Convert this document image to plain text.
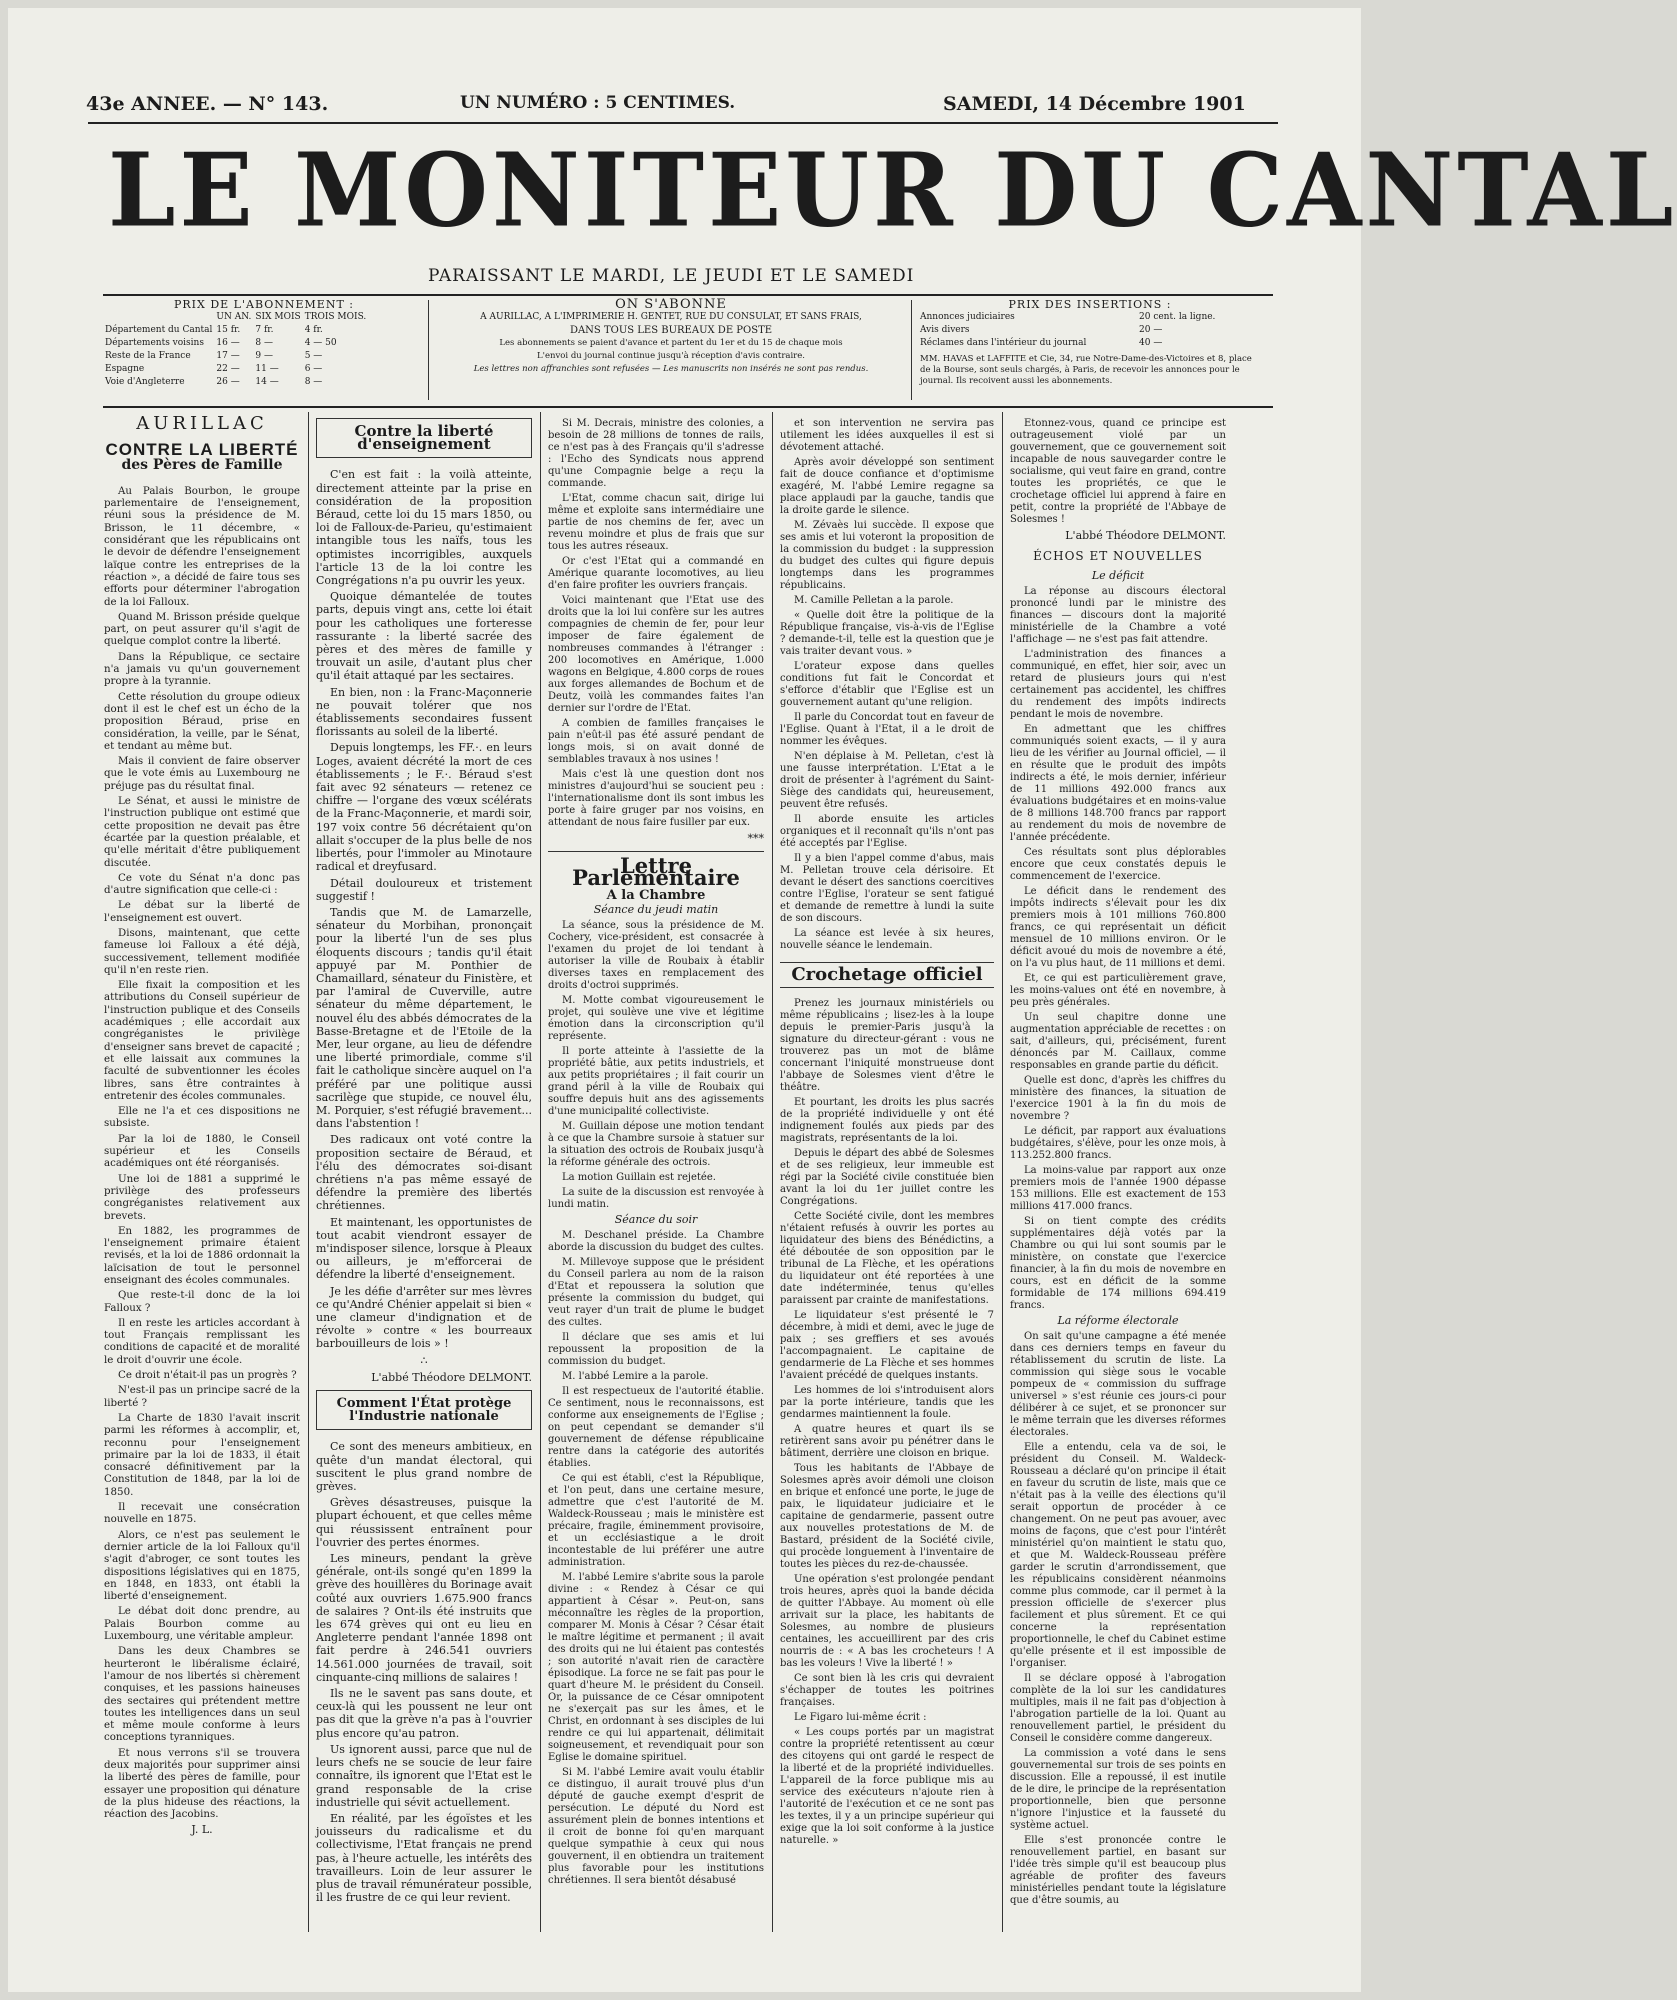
43e ANNEE. — N° 143.	UN NUMÉRO : 5 CENTIMES.	SAMEDI, 14 Décembre 1901
LE MONITEUR DU CANTAL
PARAISSANT LE MARDI, LE JEUDI ET LE SAMEDI
PRIX DE L'ABONNEMENT :
	UN AN.	SIX MOIS	TROIS MOIS.
Département du Cantal	15 fr.	7 fr.	4 fr.
Départements voisins	16 —	8 —	4 — 50
Reste de la France	17 —	9 —	5 —
Espagne	22 —	11 —	6 —
Voie d'Angleterre	26 —	14 —	8 —
ON S'ABONNE
A AURILLAC, A L'IMPRIMERIE H. GENTET, RUE DU CONSULAT, ET SANS FRAIS,
DANS TOUS LES BUREAUX DE POSTE
Les abonnements se paient d'avance et partent du 1er et du 15 de chaque mois
L'envoi du journal continue jusqu'à réception d'avis contraire.
Les lettres non affranchies sont refusées — Les manuscrits non insérés ne sont pas rendus.
PRIX DES INSERTIONS :
Annonces judiciaires	20 cent. la ligne.
Avis divers	20 —
Réclames dans l'intérieur du journal	40 —
MM. HAVAS et LAFFITE et Cie, 34, rue Notre-Dame-des-Victoires et 8, place de la Bourse, sont seuls chargés, à Paris, de recevoir les annonces pour le journal. Ils recoivent aussi les abonnements.
AURILLAC
CONTRE LA LIBERTÉ
des Pères de Famille

Au Palais Bourbon, le groupe parlementaire de l'enseignement, réuni sous la présidence de M. Brisson, le 11 décembre, « considérant que les républicains ont le devoir de défendre l'enseignement laïque contre les entreprises de la réaction », a décidé de faire tous ses efforts pour déterminer l'abrogation de la loi Falloux.

Quand M. Brisson préside quelque part, on peut assurer qu'il s'agit de quelque complot contre la liberté.

Dans la République, ce sectaire n'a jamais vu qu'un gouvernement propre à la tyrannie.

Cette résolution du groupe odieux dont il est le chef est un écho de la proposition Béraud, prise en considération, la veille, par le Sénat, et tendant au même but.

Mais il convient de faire observer que le vote émis au Luxembourg ne préjuge pas du résultat final.

Le Sénat, et aussi le ministre de l'instruction publique ont estimé que cette proposition ne devait pas être écartée par la question préalable, et qu'elle méritait d'être publiquement discutée.

Ce vote du Sénat n'a donc pas d'autre signification que celle-ci :

Le débat sur la liberté de l'enseignement est ouvert.

Disons, maintenant, que cette fameuse loi Falloux a été déjà, successivement, tellement modifiée qu'il n'en reste rien.

Elle fixait la composition et les attributions du Conseil supérieur de l'instruction publique et des Conseils académiques ; elle accordait aux congréganistes le privilège d'enseigner sans brevet de capacité ; et elle laissait aux communes la faculté de subventionner les écoles libres, sans être contraintes à entretenir des écoles communales.

Elle ne l'a et ces dispositions ne subsiste.

Par la loi de 1880, le Conseil supérieur et les Conseils académiques ont été réorganisés.

Une loi de 1881 a supprimé le privilège des professeurs congréganistes relativement aux brevets.

En 1882, les programmes de l'enseignement primaire étaient revisés, et la loi de 1886 ordonnait la laïcisation de tout le personnel enseignant des écoles communales.

Que reste-t-il donc de la loi Falloux ?

Il en reste les articles accordant à tout Français remplissant les conditions de capacité et de moralité le droit d'ouvrir une école.

Ce droit n'était-il pas un progrès ?

N'est-il pas un principe sacré de la liberté ?

La Charte de 1830 l'avait inscrit parmi les réformes à accomplir, et, reconnu pour l'enseignement primaire par la loi de 1833, il était consacré définitivement par la Constitution de 1848, par la loi de 1850.

Il recevait une consécration nouvelle en 1875.

Alors, ce n'est pas seulement le dernier article de la loi Falloux qu'il s'agit d'abroger, ce sont toutes les dispositions législatives qui en 1875, en 1848, en 1833, ont établi la liberté d'enseignement.

Le débat doit donc prendre, au Palais Bourbon comme au Luxembourg, une véritable ampleur.

Dans les deux Chambres se heurteront le libéralisme éclairé, l'amour de nos libertés si chèrement conquises, et les passions haineuses des sectaires qui prétendent mettre toutes les intelligences dans un seul et même moule conforme à leurs conceptions tyranniques.

Et nous verrons s'il se trouvera deux majorités pour supprimer ainsi la liberté des pères de famille, pour essayer une proposition qui dénature de la plus hideuse des réactions, la réaction des Jacobins.

J. L.
Contre la liberté d'enseignement

C'en est fait : la voilà atteinte, directement atteinte par la prise en considération de la proposition Béraud, cette loi du 15 mars 1850, ou loi de Falloux-de-Parieu, qu'estimaient intangible tous les naïfs, tous les optimistes incorrigibles, auxquels l'article 13 de la loi contre les Congrégations n'a pu ouvrir les yeux.

Quoique démantelée de toutes parts, depuis vingt ans, cette loi était pour les catholiques une forteresse rassurante : la liberté sacrée des pères et des mères de famille y trouvait un asile, d'autant plus cher qu'il était attaqué par les sectaires.

En bien, non : la Franc-Maçonnerie ne pouvait tolérer que nos établissements secondaires fussent florissants au soleil de la liberté.

Depuis longtemps, les FF.·. en leurs Loges, avaient décrété la mort de ces établissements ; le F.·. Béraud s'est fait avec 92 sénateurs — retenez ce chiffre — l'organe des vœux scélérats de la Franc-Maçonnerie, et mardi soir, 197 voix contre 56 décrétaient qu'on allait s'occuper de la plus belle de nos libertés, pour l'immoler au Minotaure radical et dreyfusard.

Détail douloureux et tristement suggestif !

Tandis que M. de Lamarzelle, sénateur du Morbihan, prononçait pour la liberté l'un de ses plus éloquents discours ; tandis qu'il était appuyé par M. Ponthier de Chamaillard, sénateur du Finistère, et par l'amiral de Cuverville, autre sénateur du même département, le nouvel élu des abbés démocrates de la Basse-Bretagne et de l'Etoile de la Mer, leur organe, au lieu de défendre une liberté primordiale, comme s'il fait le catholique sincère auquel on l'a préféré par une politique aussi sacrilège que stupide, ce nouvel élu, M. Porquier, s'est réfugié bravement... dans l'abstention !

Des radicaux ont voté contre la proposition sectaire de Béraud, et l'élu des démocrates soi-disant chrétiens n'a pas même essayé de défendre la première des libertés chrétiennes.

Et maintenant, les opportunistes de tout acabit viendront essayer de m'indisposer silence, lorsque à Pleaux ou ailleurs, je m'efforcerai de défendre la liberté d'enseignement.

Je les défie d'arrêter sur mes lèvres ce qu'André Chénier appelait si bien « une clameur d'indignation et de révolte » contre « les bourreaux barbouilleurs de lois » !

∴
L'abbé Théodore DELMONT.
Comment l'État protège l'Industrie nationale

Ce sont des meneurs ambitieux, en quête d'un mandat électoral, qui suscitent le plus grand nombre de grèves.

Grèves désastreuses, puisque la plupart échouent, et que celles même qui réussissent entraînent pour l'ouvrier des pertes énormes.

Les mineurs, pendant la grève générale, ont-ils songé qu'en 1899 la grève des houillères du Borinage avait coûté aux ouvriers 1.675.900 francs de salaires ? Ont-ils été instruits que les 674 grèves qui ont eu lieu en Angleterre pendant l'année 1898 ont fait perdre à 246.541 ouvriers 14.561.000 journées de travail, soit cinquante-cinq millions de salaires !

Ils ne le savent pas sans doute, et ceux-là qui les poussent ne leur ont pas dit que la grève n'a pas à l'ouvrier plus encore qu'au patron.

Us ignorent aussi, parce que nul de leurs chefs ne se soucie de leur faire connaître, ils ignorent que l'Etat est le grand responsable de la crise industrielle qui sévit actuellement.

En réalité, par les égoïstes et les jouisseurs du radicalisme et du collectivisme, l'Etat français ne prend pas, à l'heure actuelle, les intérêts des travailleurs. Loin de leur assurer le plus de travail rémunérateur possible, il les frustre de ce qui leur revient.

Si M. Decrais, ministre des colonies, a besoin de 28 millions de tonnes de rails, ce n'est pas à des Français qu'il s'adresse : l'Echo des Syndicats nous apprend qu'une Compagnie belge a reçu la commande.

L'Etat, comme chacun sait, dirige lui même et exploite sans intermédiaire une partie de nos chemins de fer, avec un revenu moindre et plus de frais que sur tous les autres réseaux.

Or c'est l'Etat qui a commandé en Amérique quarante locomotives, au lieu d'en faire profiter les ouvriers français.

Voici maintenant que l'Etat use des droits que la loi lui confère sur les autres compagnies de chemin de fer, pour leur imposer de faire également de nombreuses commandes à l'étranger : 200 locomotives en Amérique, 1.000 wagons en Belgique, 4.800 corps de roues aux forges allemandes de Bochum et de Deutz, voilà les commandes faites l'an dernier sur l'ordre de l'Etat.

A combien de familles françaises le pain n'eût-il pas été assuré pendant de longs mois, si on avait donné de semblables travaux à nos usines !

Mais c'est là une question dont nos ministres d'aujourd'hui se soucient peu : l'internationalisme dont ils sont imbus les porte à faire gruger par nos voisins, en attendant de nous faire fusiller par eux.

***
Lettre Parlementaire
A la Chambre
Séance du jeudi matin

La séance, sous la présidence de M. Cochery, vice-président, est consacrée à l'examen du projet de loi tendant à autoriser la ville de Roubaix à établir diverses taxes en remplacement des droits d'octroi supprimés.

M. Motte combat vigoureusement le projet, qui soulève une vive et légitime émotion dans la circonscription qu'il représente.

Il porte atteinte à l'assiette de la propriété bâtie, aux petits industriels, et aux petits propriétaires ; il fait courir un grand péril à la ville de Roubaix qui souffre depuis huit ans des agissements d'une municipalité collectiviste.

M. Guillain dépose une motion tendant à ce que la Chambre sursoie à statuer sur la situation des octrois de Roubaix jusqu'à la réforme générale des octrois.

La motion Guillain est rejetée.

La suite de la discussion est renvoyée à lundi matin.

Séance du soir

M. Deschanel préside. La Chambre aborde la discussion du budget des cultes.

M. Millevoye suppose que le président du Conseil parlera au nom de la raison d'Etat et repoussera la solution que présente la commission du budget, qui veut rayer d'un trait de plume le budget des cultes.

Il déclare que ses amis et lui repoussent la proposition de la commission du budget.

M. l'abbé Lemire a la parole.

Il est respectueux de l'autorité établie. Ce sentiment, nous le reconnaissons, est conforme aux enseignements de l'Eglise ; on peut cependant se demander s'il gouvernement de défense républicaine rentre dans la catégorie des autorités établies.

Ce qui est établi, c'est la République, et l'on peut, dans une certaine mesure, admettre que c'est l'autorité de M. Waldeck-Rousseau ; mais le ministère est précaire, fragile, éminemment provisoire, et un ecclésiastique a le droit incontestable de lui préférer une autre administration.

M. l'abbé Lemire s'abrite sous la parole divine : « Rendez à César ce qui appartient à César ». Peut-on, sans méconnaître les règles de la proportion, comparer M. Monis à César ? César était le maître légitime et permanent ; il avait des droits qui ne lui étaient pas contestés ; son autorité n'avait rien de caractère épisodique. La force ne se fait pas pour le quart d'heure M. le président du Conseil. Or, la puissance de ce César omnipotent ne s'exerçait pas sur les âmes, et le Christ, en ordonnant à ses disciples de lui rendre ce qui lui appartenait, délimitait soigneusement, et revendiquait pour son Eglise le domaine spirituel.

Si M. l'abbé Lemire avait voulu établir ce distinguo, il aurait trouvé plus d'un député de gauche exempt d'esprit de persécution. Le député du Nord est assurément plein de bonnes intentions et il croit de bonne foi qu'en marquant quelque sympathie à ceux qui nous gouvernent, il en obtiendra un traitement plus favorable pour les institutions chrétiennes. Il sera bientôt désabusé

et son intervention ne servira pas utilement les idées auxquelles il est si dévotement attaché.

Après avoir développé son sentiment fait de douce confiance et d'optimisme exagéré, M. l'abbé Lemire regagne sa place applaudi par la gauche, tandis que la droite garde le silence.

M. Zévaès lui succède. Il expose que ses amis et lui voteront la proposition de la commission du budget : la suppression du budget des cultes qui figure depuis longtemps dans les programmes républicains.

M. Camille Pelletan a la parole.

« Quelle doit être la politique de la République française, vis-à-vis de l'Eglise ? demande-t-il, telle est la question que je vais traiter devant vous. »

L'orateur expose dans quelles conditions fut fait le Concordat et s'efforce d'établir que l'Eglise est un gouvernement autant qu'une religion.

Il parle du Concordat tout en faveur de l'Eglise. Quant à l'Etat, il a le droit de nommer les évêques.

N'en déplaise à M. Pelletan, c'est là une fausse interprétation. L'Etat a le droit de présenter à l'agrément du Saint-Siège des candidats qui, heureusement, peuvent être refusés.

Il aborde ensuite les articles organiques et il reconnaît qu'ils n'ont pas été acceptés par l'Eglise.

Il y a bien l'appel comme d'abus, mais M. Pelletan trouve cela dérisoire. Et devant le désert des sanctions coercitives contre l'Eglise, l'orateur se sent fatigué et demande de remettre à lundi la suite de son discours.

La séance est levée à six heures, nouvelle séance le lendemain.

Crochetage officiel

Prenez les journaux ministériels ou même républicains ; lisez-les à la loupe depuis le premier-Paris jusqu'à la signature du directeur-gérant : vous ne trouverez pas un mot de blâme concernant l'iniquité monstrueuse dont l'abbaye de Solesmes vient d'être le théâtre.

Et pourtant, les droits les plus sacrés de la propriété individuelle y ont été indignement foulés aux pieds par des magistrats, représentants de la loi.

Depuis le départ des abbé de Solesmes et de ses religieux, leur immeuble est régi par la Société civile constituée bien avant la loi du 1er juillet contre les Congrégations.

Cette Société civile, dont les membres n'étaient refusés à ouvrir les portes au liquidateur des biens des Bénédictins, a été déboutée de son opposition par le tribunal de La Flèche, et les opérations du liquidateur ont été reportées à une date indéterminée, tenus qu'elles paraissent par crainte de manifestations.

Le liquidateur s'est présenté le 7 décembre, à midi et demi, avec le juge de paix ; ses greffiers et ses avoués l'accompagnaient. Le capitaine de gendarmerie de La Flèche et ses hommes l'avaient précédé de quelques instants.

Les hommes de loi s'introduisent alors par la porte intérieure, tandis que les gendarmes maintiennent la foule.

A quatre heures et quart ils se retirèrent sans avoir pu pénétrer dans le bâtiment, derrière une cloison en brique.

Tous les habitants de l'Abbaye de Solesmes après avoir démoli une cloison en brique et enfoncé une porte, le juge de paix, le liquidateur judiciaire et le capitaine de gendarmerie, passent outre aux nouvelles protestations de M. de Bastard, président de la Société civile, qui procède longuement à l'inventaire de toutes les pièces du rez-de-chaussée.

Une opération s'est prolongée pendant trois heures, après quoi la bande décida de quitter l'Abbaye. Au moment où elle arrivait sur la place, les habitants de Solesmes, au nombre de plusieurs centaines, les accueillirent par des cris nourris de : « A bas les crocheteurs ! A bas les voleurs ! Vive la liberté ! »

Ce sont bien là les cris qui devraient s'échapper de toutes les poitrines françaises.

Le Figaro lui-même écrit :

« Les coups portés par un magistrat contre la propriété retentissent au cœur des citoyens qui ont gardé le respect de la liberté et de la propriété individuelles. L'appareil de la force publique mis au service des exécuteurs n'ajoute rien à l'autorité de l'exécution et ce ne sont pas les textes, il y a un principe supérieur qui exige que la loi soit conforme à la justice naturelle. »

Etonnez-vous, quand ce principe est outrageusement violé par un gouvernement, que ce gouvernement soit incapable de nous sauvegarder contre le socialisme, qui veut faire en grand, contre toutes les propriétés, ce que le crochetage officiel lui apprend à faire en petit, contre la propriété de l'Abbaye de Solesmes !

L'abbé Théodore DELMONT.
ÉCHOS ET NOUVELLES
Le déficit

La réponse au discours électoral prononcé lundi par le ministre des finances — discours dont la majorité ministérielle de la Chambre a voté l'affichage — ne s'est pas fait attendre.

L'administration des finances a communiqué, en effet, hier soir, avec un retard de plusieurs jours qui n'est certainement pas accidentel, les chiffres du rendement des impôts indirects pendant le mois de novembre.

En admettant que les chiffres communiqués soient exacts, — il y aura lieu de les vérifier au Journal officiel, — il en résulte que le produit des impôts indirects a été, le mois dernier, inférieur de 11 millions 492.000 francs aux évaluations budgétaires et en moins-value de 8 millions 148.700 francs par rapport au rendement du mois de novembre de l'année précédente.

Ces résultats sont plus déplorables encore que ceux constatés depuis le commencement de l'exercice.

Le déficit dans le rendement des impôts indirects s'élevait pour les dix premiers mois à 101 millions 760.800 francs, ce qui représentait un déficit mensuel de 10 millions environ. Or le déficit avoué du mois de novembre a été, on l'a vu plus haut, de 11 millions et demi.

Et, ce qui est particulièrement grave, les moins-values ont été en novembre, à peu près générales.

Un seul chapitre donne une augmentation appréciable de recettes : on sait, d'ailleurs, qui, précisément, furent dénoncés par M. Caillaux, comme responsables en grande partie du déficit.

Quelle est donc, d'après les chiffres du ministère des finances, la situation de l'exercice 1901 à la fin du mois de novembre ?

Le déficit, par rapport aux évaluations budgétaires, s'élève, pour les onze mois, à 113.252.800 francs.

La moins-value par rapport aux onze premiers mois de l'année 1900 dépasse 153 millions. Elle est exactement de 153 millions 417.000 francs.

Si on tient compte des crédits supplémentaires déjà votés par la Chambre ou qui lui sont soumis par le ministère, on constate que l'exercice financier, à la fin du mois de novembre en cours, est en déficit de la somme formidable de 174 millions 694.419 francs.

La réforme électorale

On sait qu'une campagne a été menée dans ces derniers temps en faveur du rétablissement du scrutin de liste. La commission qui siège sous le vocable pompeux de « commission du suffrage universel » s'est réunie ces jours-ci pour délibérer à ce sujet, et se prononcer sur le même terrain que les diverses réformes électorales.

Elle a entendu, cela va de soi, le président du Conseil. M. Waldeck-Rousseau a déclaré qu'on principe il était en faveur du scrutin de liste, mais que ce n'était pas à la veille des élections qu'il serait opportun de procéder à ce changement. On ne peut pas avouer, avec moins de façons, que c'est pour l'intérêt ministériel qu'on maintient le statu quo, et que M. Waldeck-Rousseau préfère garder le scrutin d'arrondissement, que les républicains considèrent néanmoins comme plus commode, car il permet à la pression officielle de s'exercer plus facilement et plus sûrement. Et ce qui concerne la représentation proportionnelle, le chef du Cabinet estime qu'elle présente et il est impossible de l'organiser.

Il se déclare opposé à l'abrogation complète de la loi sur les candidatures multiples, mais il ne fait pas d'objection à l'abrogation partielle de la loi. Quant au renouvellement partiel, le président du Conseil le considère comme dangereux.

La commission a voté dans le sens gouvernemental sur trois de ses points en discussion. Elle a repoussé, il est inutile de le dire, le principe de la représentation proportionnelle, bien que personne n'ignore l'injustice et la fausseté du système actuel.

Elle s'est prononcée contre le renouvellement partiel, en basant sur l'idée très simple qu'il est beaucoup plus agréable de profiter des faveurs ministérielles pendant toute la législature que d'être soumis, au
